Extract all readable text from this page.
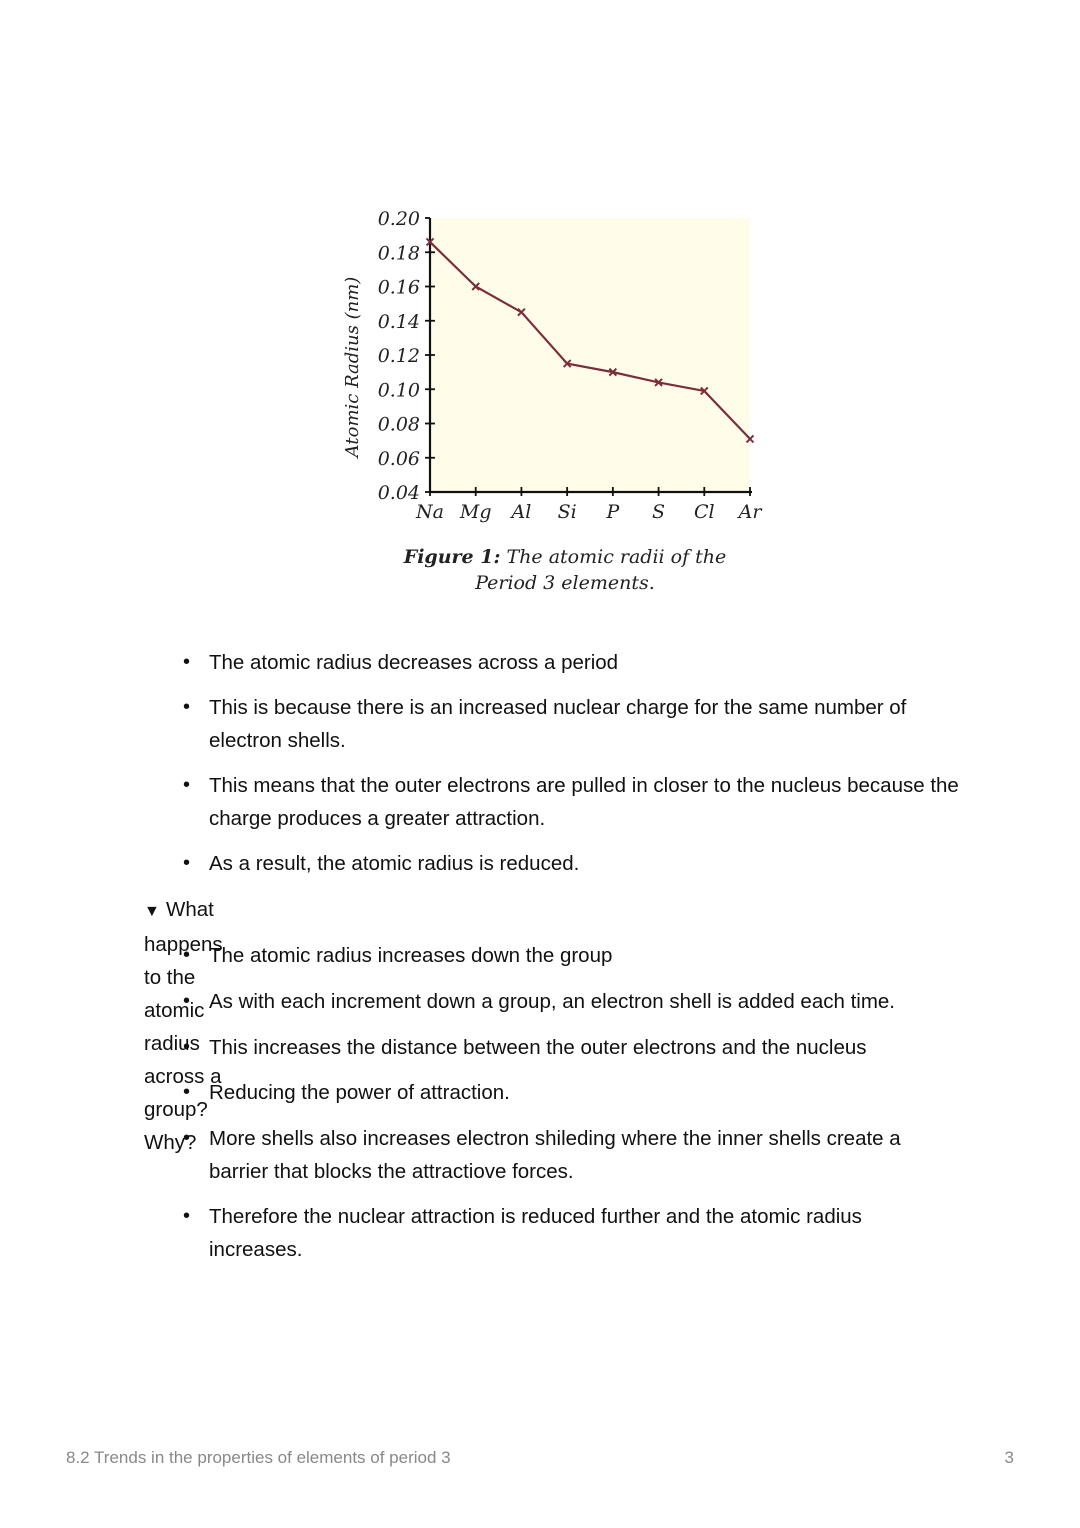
0.04
0.06
0.08
0.10
0.12
0.14
0.16
0.18
0.20
Na Mg Al Si P S Cl Ar
Atomic Radius (nm)
Figure 1: The atomic radii of the Period 3 elements.
• The atomic radius decreases across a period
• This is because there is an increased nuclear charge for the same number of electron shells.
• This means that the outer electrons are pulled in closer to the nucleus because the charge produces a greater attraction.
• As a result, the atomic radius is reduced.
▼ What happens to the atomic radius across a group? Why?
• The atomic radius increases down the group
• As with each increment down a group, an electron shell is added each time.
• This increases the distance between the outer electrons and the nucleus
• Reducing the power of attraction.
• More shells also increases electron shileding where the inner shells create a barrier that blocks the attractiove forces.
• Therefore the nuclear attraction is reduced further and the atomic radius increases.
8.2 Trends in the properties of elements of period 3	3
